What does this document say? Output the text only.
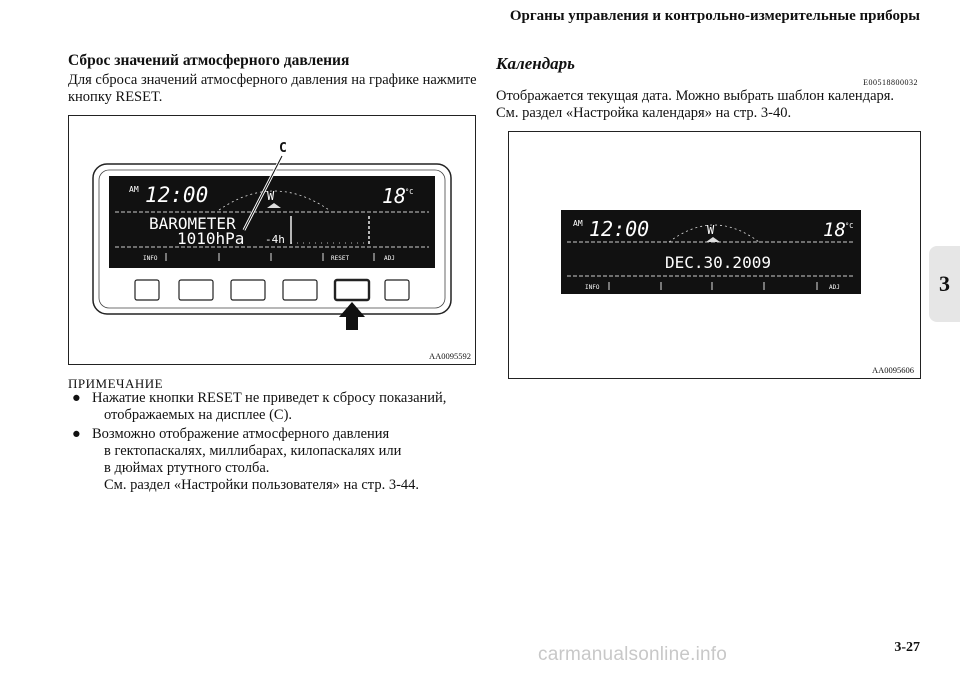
Органы управления и контрольно-измерительные приборы
Сброс значений атмосферного давления
Для сброса значений атмосферного давления на графике нажмите
кнопку RESET.
AM 12:00	W	18
°C
BAROMETER
1010hPa -4h
INFO	RESET	ADJ
C
AA0095592
ПРИМЕЧАНИЕ
● Нажатие кнопки RESET не приведет к сбросу показаний,
отображаемых на дисплее (C).
● Возможно отображение атмосферного давления
в гектопаскалях, миллибарах, килопаскалях или
в дюймах ртутного столба.
См. раздел «Настройки пользователя» на стр. 3-44.
Календарь
E00518800032
Отображается текущая дата. Можно выбрать шаблон календаря.
См. раздел «Настройка календаря» на стр. 3-40.
AM 12:00	W	18 °C
DEC.30.2009
INFO	ADJ
AA0095606
3
3-27
carmanualsonline.info
